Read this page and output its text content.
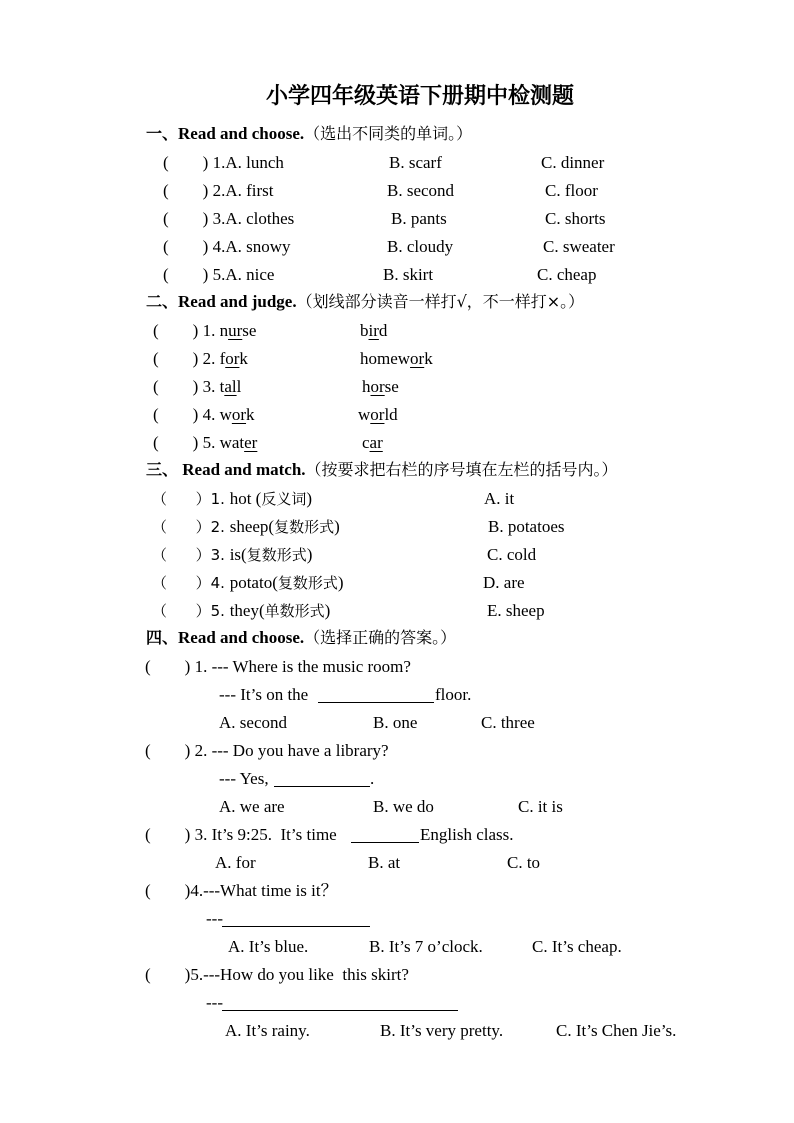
小学四年级英语下册期中检测题
一、Read and choose.（选出不同类的单词。）
(        ) 1.A. lunch	B. scarf	C. dinner
(        ) 2.A. first	B. second	C. floor
(        ) 3.A. clothes	B. pants	C. shorts
(        ) 4.A. snowy	B. cloudy	C. sweater
(        ) 5.A. nice	B. skirt	C. cheap
二、Read and judge.（划线部分读音一样打√，不一样打×。）
(        ) 1. nurse	bird
(        ) 2. fork	homework
(        ) 3. tall	horse
(        ) 4. work	world
(        ) 5. water	car
三、 Read and match.（按要求把右栏的序号填在左栏的括号内。）
（      ）1. hot (反义词)	A. it
（      ）2. sheep(复数形式)	B. potatoes
（      ）3. is(复数形式)	C. cold
（      ）4. potato(复数形式)	D. are
（      ）5. they(单数形式)	E. sheep
四、Read and choose.（选择正确的答案。）
(        ) 1. --- Where is the music room?
--- It’s on the	floor.
A. second	B. one	C. three
(        ) 2. --- Do you have a library?
--- Yes,	.
A. we are	B. we do	C. it is
(        ) 3. It’s 9:25.  It’s time	English class.
A. for	B. at	C. to
(        )4.---What time is it？
---
A. It’s blue.	B. It’s 7 o’clock.	C. It’s cheap.
(        )5.---How do you like  this skirt?
---
A. It’s rainy.	B. It’s very pretty.	C. It’s Chen Jie’s.
